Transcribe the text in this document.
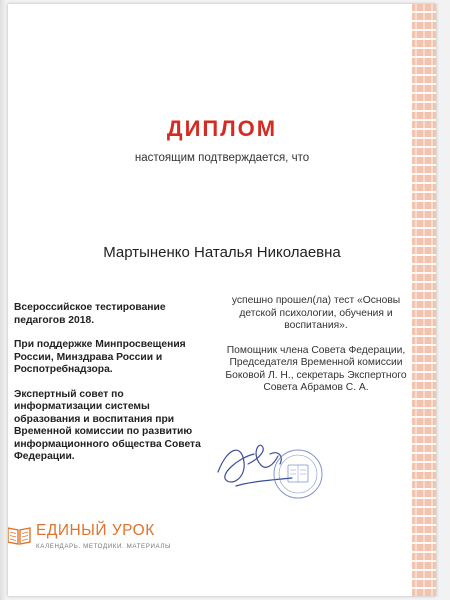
ДИПЛОМ
настоящим подтверждается, что
Мартыненко Наталья Николаевна

Всероссийское тестирование педагогов 2018.

При поддержке Минпросвещения России, Минздрава России и Роспотребнадзора.

Экспертный совет по информатизации системы образования и воспитания при Временной комиссии по развитию информационного общества Совета Федерации.

успешно прошел(ла) тест «Основы детской психологии, обучения и воспитания».

Помощник члена Совета Федерации, Председателя Временной комиссии Боковой Л. Н., секретарь Экспертного Совета Абрамов С. А.

ЕДИНЫЙ УРОК
КАЛЕНДАРЬ. МЕТОДИКИ. МАТЕРИАЛЫ
